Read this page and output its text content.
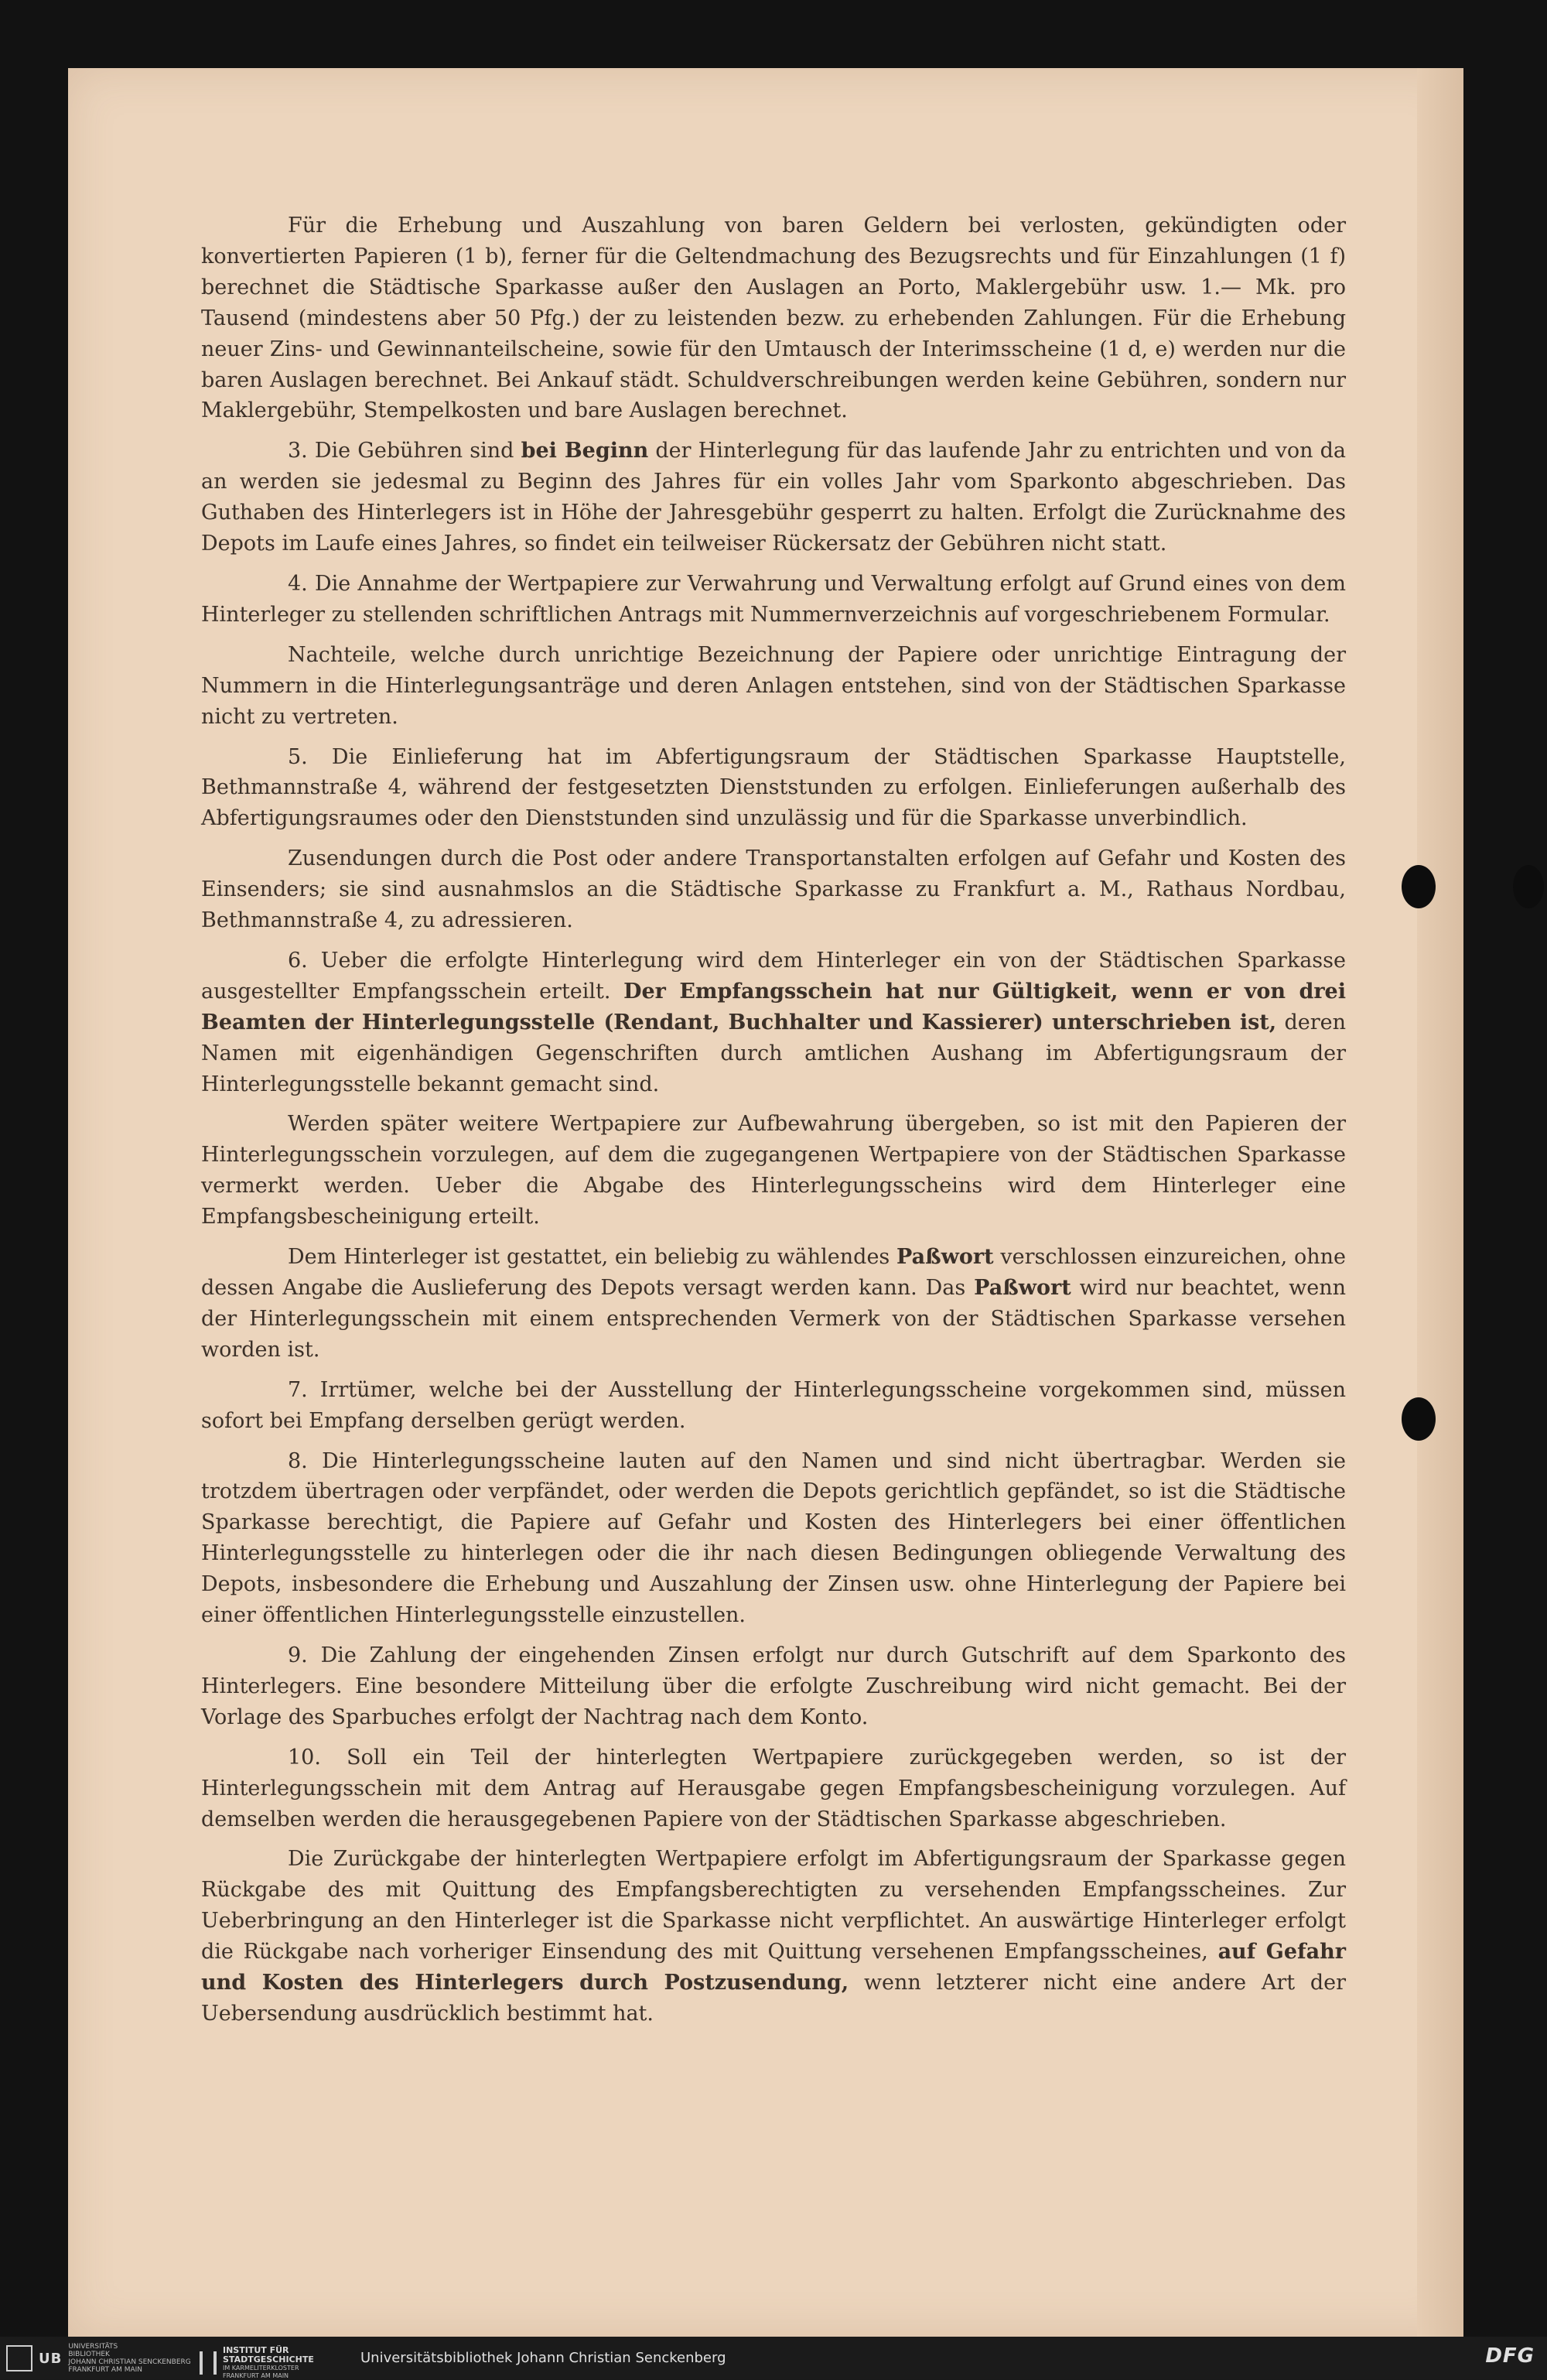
Für die Erhebung und Auszahlung von baren Geldern bei verlosten, gekündigten oder konvertierten Papieren (1 b), ferner für die Geltendmachung des Bezugsrechts und für Einzahlungen (1 f) berechnet die Städtische Sparkasse außer den Auslagen an Porto, Maklergebühr usw. 1.— Mk. pro Tausend (mindestens aber 50 Pfg.) der zu leistenden bezw. zu erhebenden Zahlungen. Für die Erhebung neuer Zins- und Gewinnanteilscheine, sowie für den Umtausch der Interimsscheine (1 d, e) werden nur die baren Auslagen berechnet. Bei Ankauf städt. Schuldverschreibungen werden keine Gebühren, sondern nur Maklergebühr, Stempelkosten und bare Auslagen berechnet.

3. Die Gebühren sind bei Beginn der Hinterlegung für das laufende Jahr zu entrichten und von da an werden sie jedesmal zu Beginn des Jahres für ein volles Jahr vom Sparkonto abgeschrieben. Das Guthaben des Hinterlegers ist in Höhe der Jahresgebühr gesperrt zu halten. Erfolgt die Zurücknahme des Depots im Laufe eines Jahres, so findet ein teilweiser Rückersatz der Gebühren nicht statt.

4. Die Annahme der Wertpapiere zur Verwahrung und Verwaltung erfolgt auf Grund eines von dem Hinterleger zu stellenden schriftlichen Antrags mit Nummernverzeichnis auf vorgeschriebenem Formular.

Nachteile, welche durch unrichtige Bezeichnung der Papiere oder unrichtige Eintragung der Nummern in die Hinterlegungsanträge und deren Anlagen entstehen, sind von der Städtischen Sparkasse nicht zu vertreten.

5. Die Einlieferung hat im Abfertigungsraum der Städtischen Sparkasse Hauptstelle, Bethmannstraße 4, während der festgesetzten Dienststunden zu erfolgen. Einlieferungen außerhalb des Abfertigungsraumes oder den Dienststunden sind unzulässig und für die Sparkasse unverbindlich.

Zusendungen durch die Post oder andere Transportanstalten erfolgen auf Gefahr und Kosten des Einsenders; sie sind ausnahmslos an die Städtische Sparkasse zu Frankfurt a. M., Rathaus Nordbau, Bethmannstraße 4, zu adressieren.

6. Ueber die erfolgte Hinterlegung wird dem Hinterleger ein von der Städtischen Sparkasse ausgestellter Empfangsschein erteilt. Der Empfangsschein hat nur Gültigkeit, wenn er von drei Beamten der Hinterlegungsstelle (Rendant, Buchhalter und Kassierer) unterschrieben ist, deren Namen mit eigenhändigen Gegenschriften durch amtlichen Aushang im Abfertigungsraum der Hinterlegungsstelle bekannt gemacht sind.

Werden später weitere Wertpapiere zur Aufbewahrung übergeben, so ist mit den Papieren der Hinterlegungsschein vorzulegen, auf dem die zugegangenen Wertpapiere von der Städtischen Sparkasse vermerkt werden. Ueber die Abgabe des Hinterlegungsscheins wird dem Hinterleger eine Empfangsbescheinigung erteilt.

Dem Hinterleger ist gestattet, ein beliebig zu wählendes Paßwort verschlossen einzureichen, ohne dessen Angabe die Auslieferung des Depots versagt werden kann. Das Paßwort wird nur beachtet, wenn der Hinterlegungsschein mit einem entsprechenden Vermerk von der Städtischen Sparkasse versehen worden ist.

7. Irrtümer, welche bei der Ausstellung der Hinterlegungsscheine vorgekommen sind, müssen sofort bei Empfang derselben gerügt werden.

8. Die Hinterlegungsscheine lauten auf den Namen und sind nicht übertragbar. Werden sie trotzdem übertragen oder verpfändet, oder werden die Depots gerichtlich gepfändet, so ist die Städtische Sparkasse berechtigt, die Papiere auf Gefahr und Kosten des Hinterlegers bei einer öffentlichen Hinterlegungsstelle zu hinterlegen oder die ihr nach diesen Bedingungen obliegende Verwaltung des Depots, insbesondere die Erhebung und Auszahlung der Zinsen usw. ohne Hinterlegung der Papiere bei einer öffentlichen Hinterlegungsstelle einzustellen.

9. Die Zahlung der eingehenden Zinsen erfolgt nur durch Gutschrift auf dem Sparkonto des Hinterlegers. Eine besondere Mitteilung über die erfolgte Zuschreibung wird nicht gemacht. Bei der Vorlage des Sparbuches erfolgt der Nachtrag nach dem Konto.

10. Soll ein Teil der hinterlegten Wertpapiere zurückgegeben werden, so ist der Hinterlegungsschein mit dem Antrag auf Herausgabe gegen Empfangsbescheinigung vorzulegen. Auf demselben werden die herausgegebenen Papiere von der Städtischen Sparkasse abgeschrieben.

Die Zurückgabe der hinterlegten Wertpapiere erfolgt im Abfertigungsraum der Sparkasse gegen Rückgabe des mit Quittung des Empfangsberechtigten zu versehenden Empfangsscheines. Zur Ueberbringung an den Hinterleger ist die Sparkasse nicht verpflichtet. An auswärtige Hinterleger erfolgt die Rückgabe nach vorheriger Einsendung des mit Quittung versehenen Empfangsscheines, auf Gefahr und Kosten des Hinterlegers durch Postzusendung, wenn letzterer nicht eine andere Art der Uebersendung ausdrücklich bestimmt hat.

UB
UNIVERSITÄTS
BIBLIOTHEK
JOHANN CHRISTIAN SENCKENBERG
FRANKFURT AM MAIN
INSTITUT FÜR
STADTGESCHICHTE
IM KARMELITERKLOSTER
FRANKFURT AM MAIN
Universitätsbibliothek Johann Christian Senckenberg	DFG
